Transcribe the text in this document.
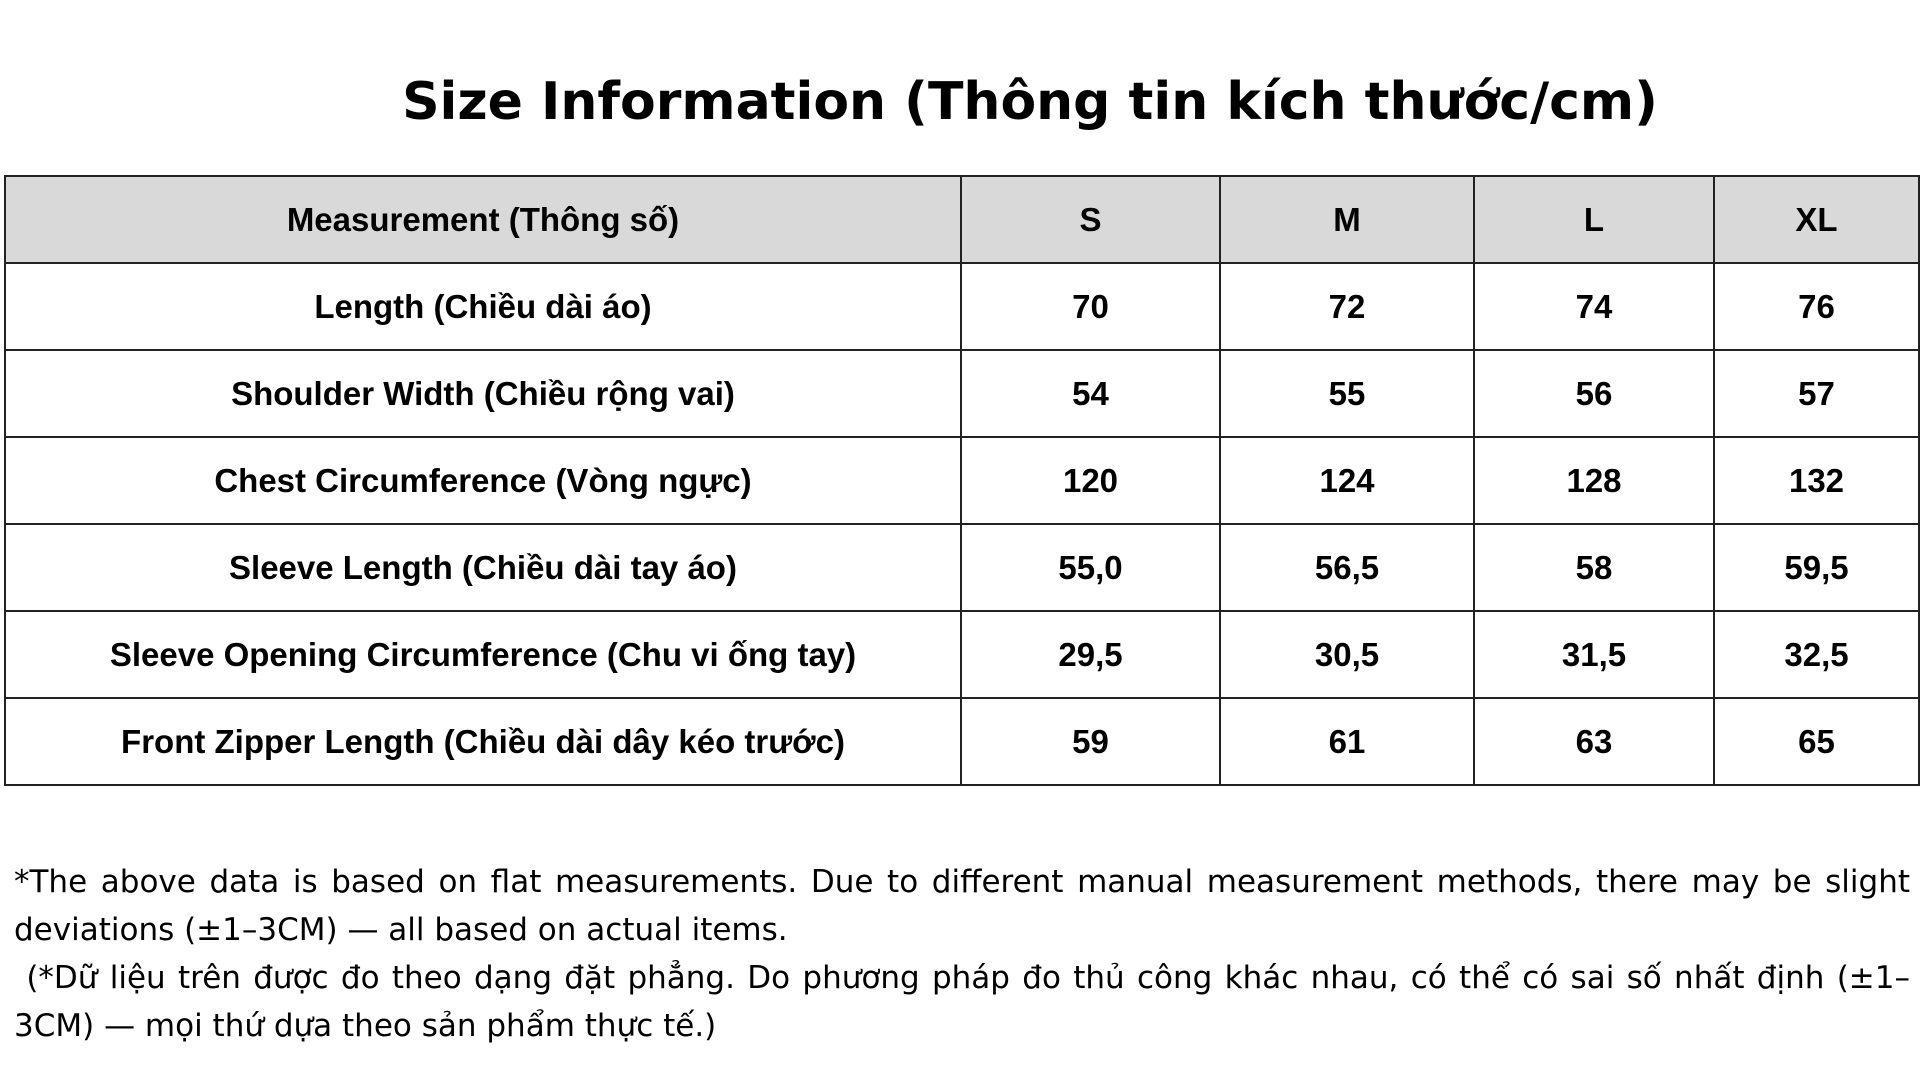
Size Information (Thông tin kích thước/cm)
Measurement (Thông số)	S	M	L	XL
Length (Chiều dài áo)	70	72	74	76
Shoulder Width (Chiều rộng vai)	54	55	56	57
Chest Circumference (Vòng ngực)	120	124	128	132
Sleeve Length (Chiều dài tay áo)	55,0	56,5	58	59,5
Sleeve Opening Circumference (Chu vi ống tay)	29,5	30,5	31,5	32,5
Front Zipper Length (Chiều dài dây kéo trước)	59	61	63	65

*The above data is based on flat measurements. Due to different manual measurement methods, there may be slight deviations (±1–3CM) — all based on actual items.

(*Dữ liệu trên được đo theo dạng đặt phẳng. Do phương pháp đo thủ công khác nhau, có thể có sai số nhất định (±1–3CM) — mọi thứ dựa theo sản phẩm thực tế.)
